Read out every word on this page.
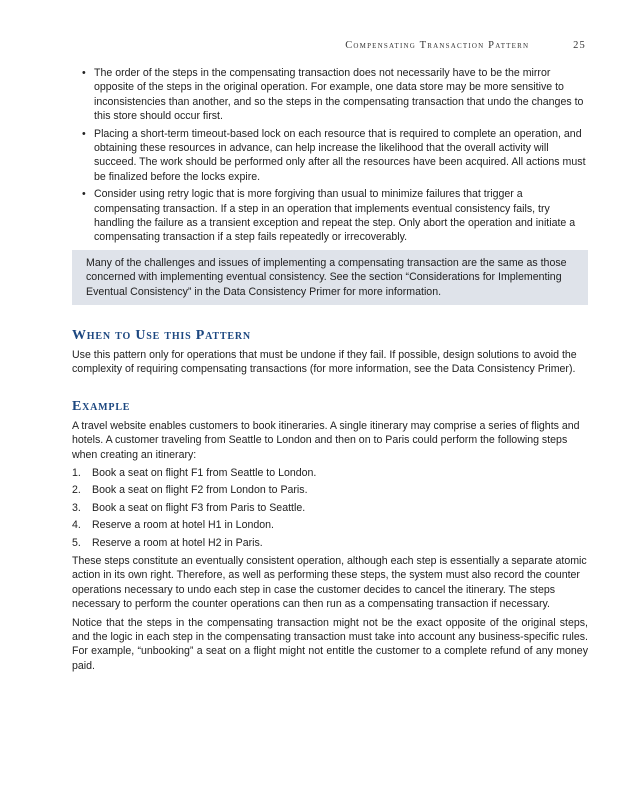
Compensating Transaction Pattern	25
• The order of the steps in the compensating transaction does not necessarily have to be the mirror opposite of the steps in the original operation. For example, one data store may be more sensitive to inconsistencies than another, and so the steps in the compensating transaction that undo the changes to this store should occur first.
• Placing a short-term timeout-based lock on each resource that is required to complete an operation, and obtaining these resources in advance, can help increase the likelihood that the overall activity will succeed. The work should be performed only after all the resources have been acquired. All actions must be finalized before the locks expire.
• Consider using retry logic that is more forgiving than usual to minimize failures that trigger a compensating transaction. If a step in an operation that implements eventual consistency fails, try handling the failure as a transient exception and repeat the step. Only abort the operation and initiate a compensating transaction if a step fails repeatedly or irrecoverably.
Many of the challenges and issues of implementing a compensating transaction are the same as those concerned with implementing eventual consistency. See the section “Considerations for Implementing Eventual Consistency” in the Data Consistency Primer for more information.
When to Use this Pattern

Use this pattern only for operations that must be undone if they fail. If possible, design solutions to avoid the complexity of requiring compensating transactions (for more information, see the Data Consistency Primer).

Example

A travel website enables customers to book itineraries. A single itinerary may comprise a series of flights and hotels. A customer traveling from Seattle to London and then on to Paris could perform the following steps when creating an itinerary:

1. Book a seat on flight F1 from Seattle to London.
2. Book a seat on flight F2 from London to Paris.
3. Book a seat on flight F3 from Paris to Seattle.
4. Reserve a room at hotel H1 in London.
5. Reserve a room at hotel H2 in Paris.

These steps constitute an eventually consistent operation, although each step is essentially a separate atomic action in its own right. Therefore, as well as performing these steps, the system must also record the counter operations necessary to undo each step in case the customer decides to cancel the itinerary. The steps necessary to perform the counter operations can then run as a compensating transaction if necessary.

Notice that the steps in the compensating transaction might not be the exact opposite of the original steps, and the logic in each step in the compensating transaction must take into account any business-specific rules. For example, “unbooking” a seat on a flight might not entitle the customer to a complete refund of any money paid.
